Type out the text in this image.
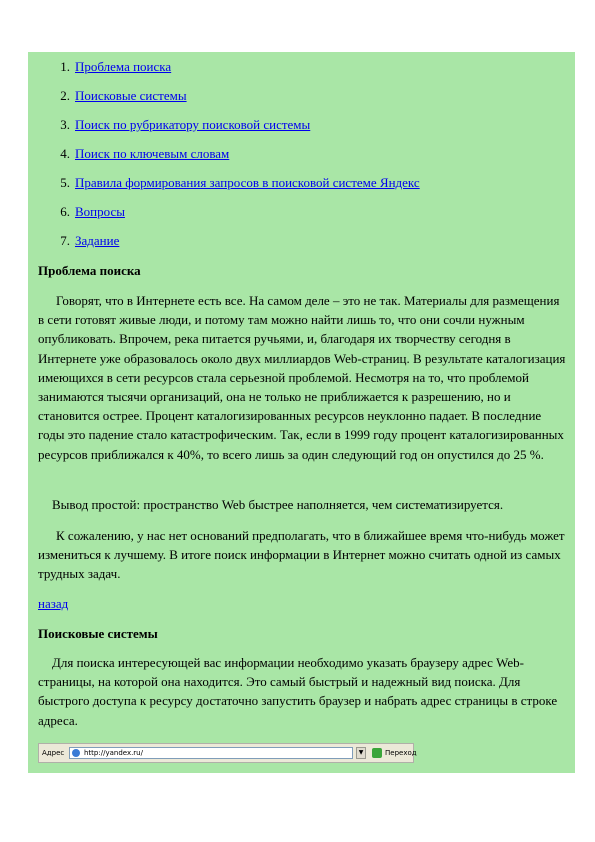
1. Проблема поиска
2. Поисковые системы
3. Поиск по рубрикатору поисковой системы
4. Поиск по ключевым словам
5. Правила формирования запросов в поисковой системе Яндекс
6. Вопросы
7. Задание
Проблема поиска

Говорят, что в Интернете есть все. На самом деле – это не так. Материалы для размещения в сети готовят живые люди, и потому там можно найти лишь то, что они сочли нужным опубликовать. Впрочем, река питается ручьями, и, благодаря их творчеству сегодня в Интернете уже образовалось около двух миллиардов Web-страниц. В результате каталогизация имеющихся в сети ресурсов стала серьезной проблемой. Несмотря на то, что проблемой занимаются тысячи организаций, она не только не приближается к разрешению, но и становится острее. Процент каталогизированных ресурсов неуклонно падает. В последние годы это падение стало катастрофическим. Так, если в 1999 году процент каталогизированных ресурсов приближался к 40%, то всего лишь за один следующий год он опустился до 25 %.

Вывод простой: пространство Web быстрее наполняется, чем систематизируется.

К сожалению, у нас нет оснований предполагать, что в ближайшее время что-нибудь может измениться к лучшему. В итоге поиск информации в Интернет можно считать одной из самых трудных задач.

назад
Поисковые системы

Для поиска интересующей вас информации необходимо указать браузеру адрес Web-страницы, на которой она находится. Это самый быстрый и надежный вид поиска. Для быстрого доступа к ресурсу достаточно запустить браузер и набрать адрес страницы в строке адреса.

Адрес	http://yandex.ru/	▼	Переход
